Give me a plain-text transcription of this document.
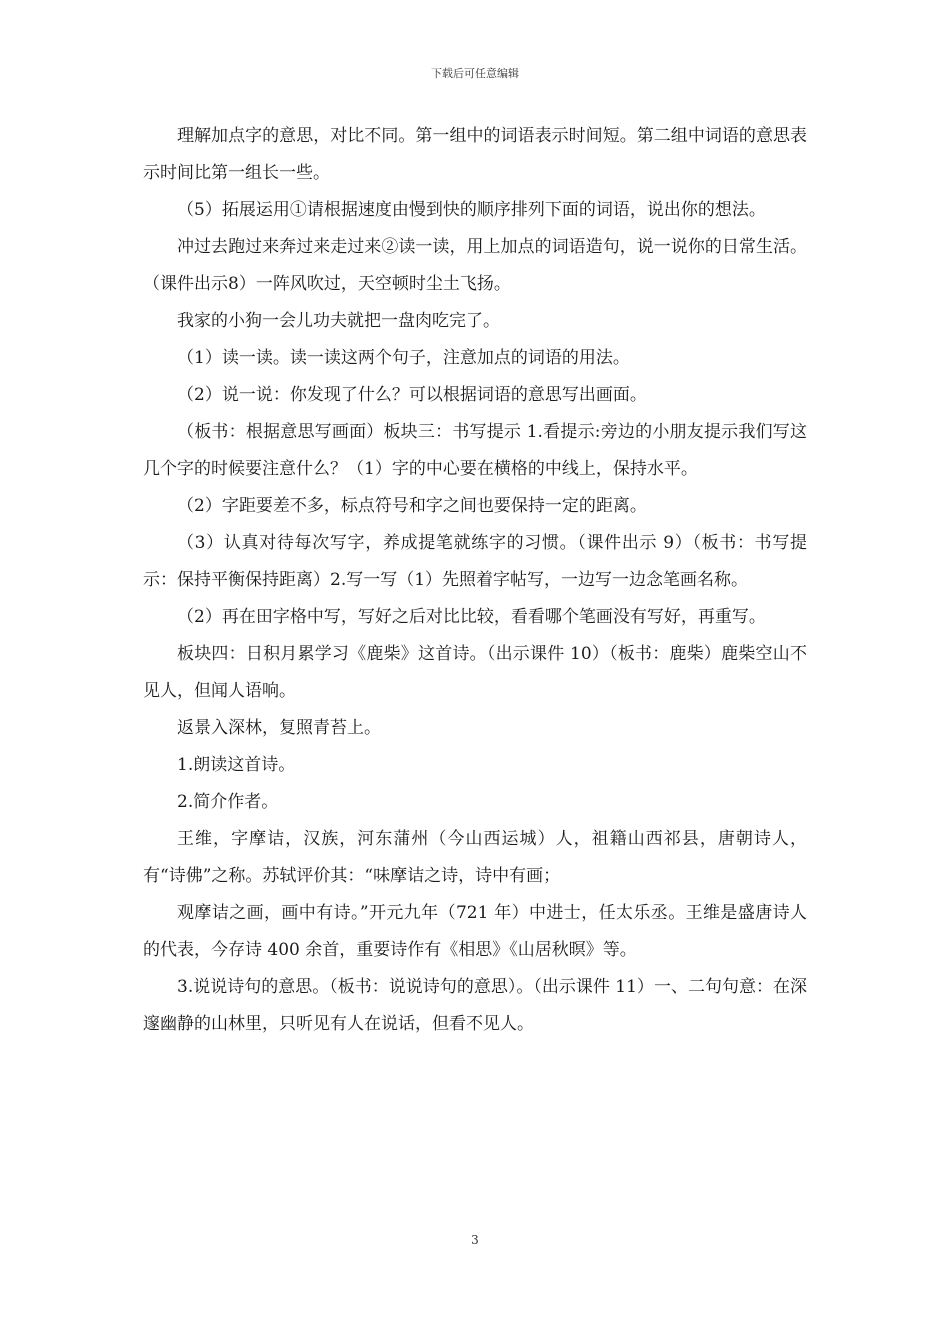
下载后可任意编辑

理解加点字的意思，对比不同。第一组中的词语表示时间短。第二组中词语的意思表示时间比第一组长一些。

（5）拓展运用①请根据速度由慢到快的顺序排列下面的词语，说出你的想法。

冲过去跑过来奔过来走过来②读一读，用上加点的词语造句，说一说你的日常生活。（课件出示8）一阵风吹过，天空顿时尘土飞扬。

我家的小狗一会儿功夫就把一盘肉吃完了。

（1）读一读。读一读这两个句子，注意加点的词语的用法。

（2）说一说：你发现了什么？可以根据词语的意思写出画面。

（板书：根据意思写画面）板块三：书写提示 1.看提示:旁边的小朋友提示我们写这几个字的时候要注意什么？（1）字的中心要在横格的中线上，保持水平。

（2）字距要差不多，标点符号和字之间也要保持一定的距离。

（3）认真对待每次写字，养成提笔就练字的习惯。（课件出示 9）（板书：书写提示：保持平衡保持距离）2.写一写（1）先照着字帖写，一边写一边念笔画名称。

（2）再在田字格中写，写好之后对比比较，看看哪个笔画没有写好，再重写。

板块四：日积月累学习《鹿柴》这首诗。（出示课件 10）（板书：鹿柴）鹿柴空山不见人，但闻人语响。

返景入深林，复照青苔上。

1.朗读这首诗。

2.简介作者。

王维，字摩诘，汉族，河东蒲州（今山西运城）人，祖籍山西祁县，唐朝诗人，有“诗佛”之称。苏轼评价其：“味摩诘之诗，诗中有画；

观摩诘之画，画中有诗。”开元九年（721 年）中进士，任太乐丞。王维是盛唐诗人的代表，今存诗 400 余首，重要诗作有《相思》《山居秋暝》等。

3.说说诗句的意思。（板书：说说诗句的意思）。（出示课件 11）一、二句句意：在深邃幽静的山林里，只听见有人在说话，但看不见人。

3
